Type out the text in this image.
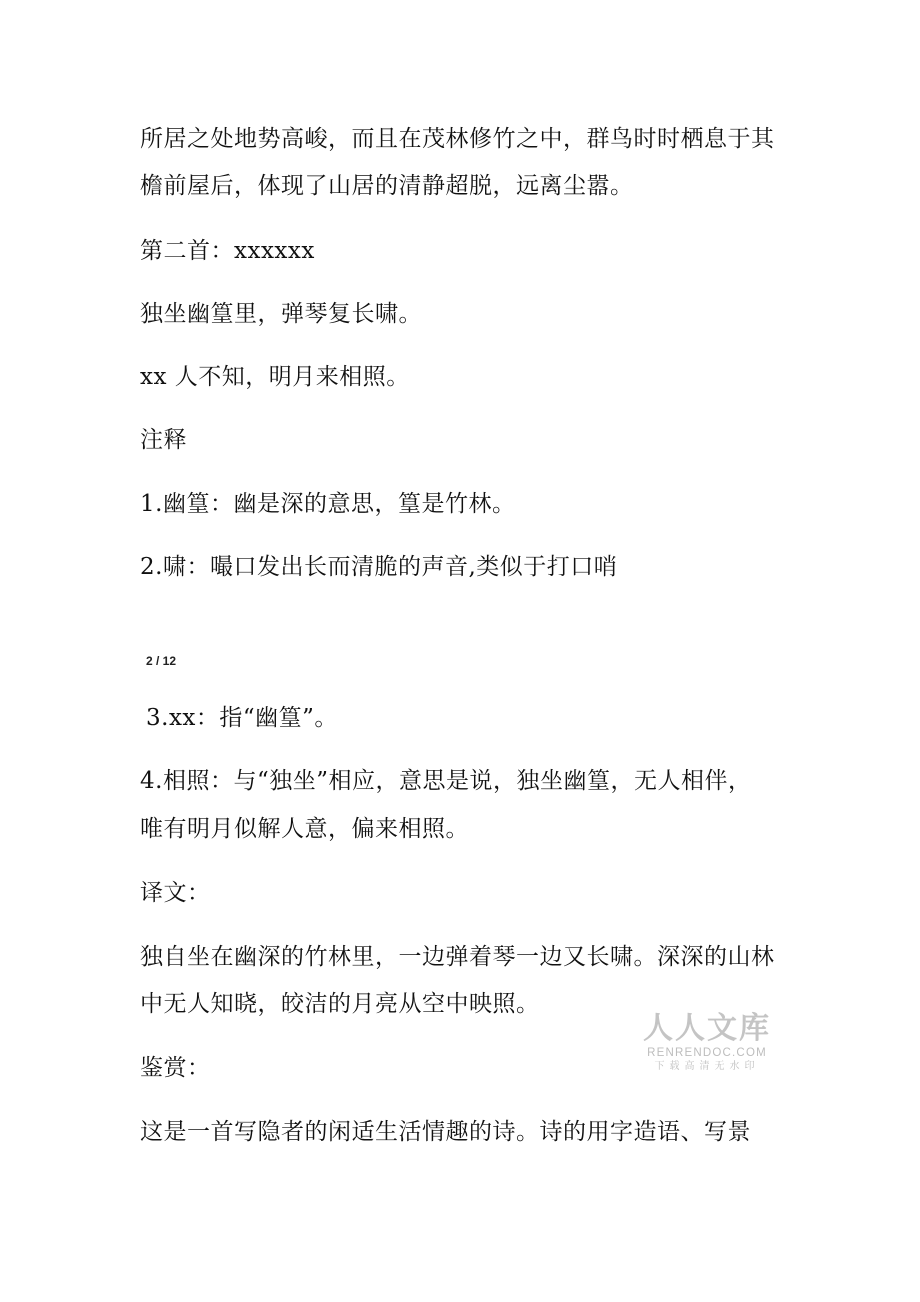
所居之处地势高峻，而且在茂林修竹之中，群鸟时时栖息于其
檐前屋后，体现了山居的清静超脱，远离尘嚣。
第二首：xxxxxx
独坐幽篁里，弹琴复长啸。
xx 人不知，明月来相照。
注释
1.幽篁：幽是深的意思，篁是竹林。
2.啸：嘬口发出长而清脆的声音,类似于打口哨
2 / 12
3.xx：指“幽篁”。
4.相照：与“独坐”相应，意思是说，独坐幽篁，无人相伴，
唯有明月似解人意，偏来相照。
译文：
独自坐在幽深的竹林里，一边弹着琴一边又长啸。深深的山林
中无人知晓，皎洁的月亮从空中映照。
鉴赏：
这是一首写隐者的闲适生活情趣的诗。诗的用字造语、写景
人人文库
RENRENDOC.COM
下载高清无水印
